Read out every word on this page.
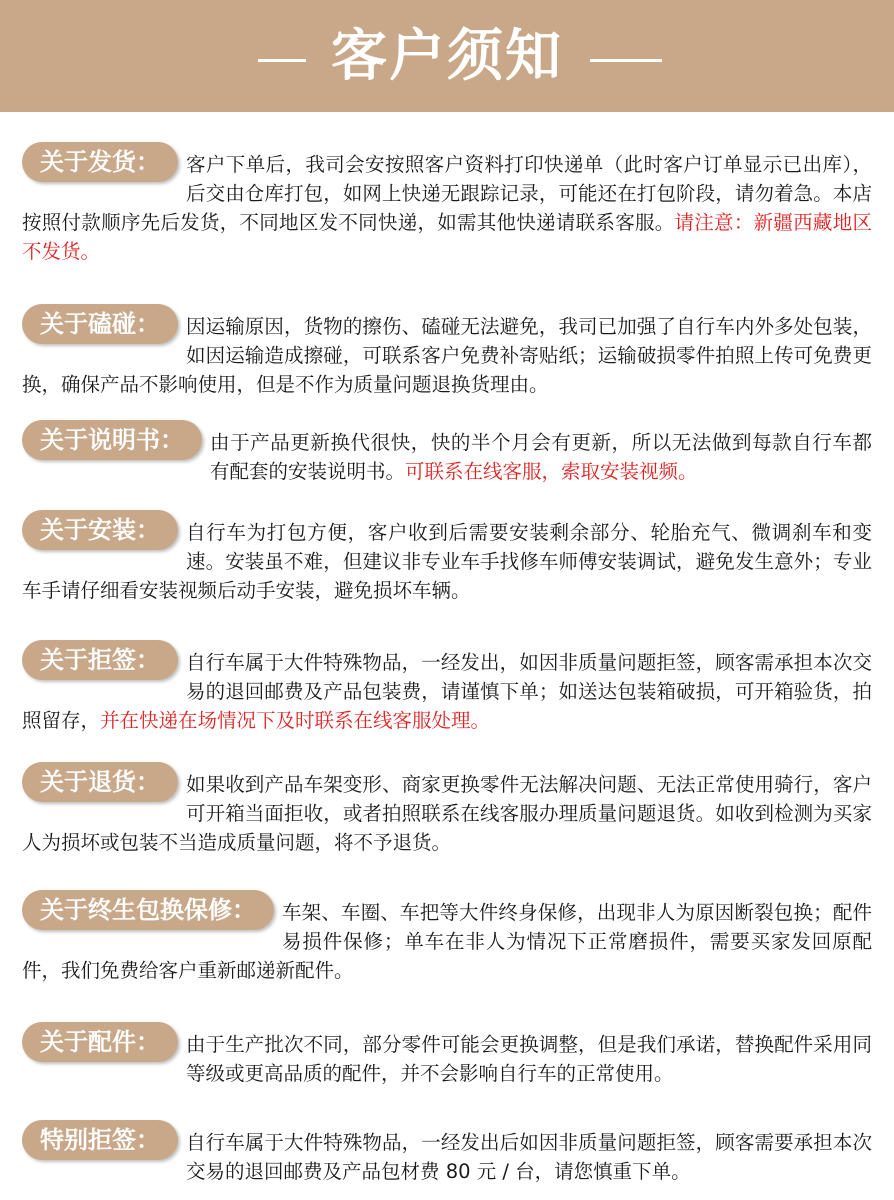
客户须知

关于发货：	客户下单后，我司会安按照客户资料打印快递单（此时客户订单显示已出库），后交由仓库打包，如网上快递无跟踪记录，可能还在打包阶段，请勿着急。本店按照付款顺序先后发货，不同地区发不同快递，如需其他快递请联系客服。请注意：新疆西藏地区不发货。

关于磕碰：	因运输原因，货物的擦伤、磕碰无法避免，我司已加强了自行车内外多处包装，如因运输造成擦碰，可联系客户免费补寄贴纸；运输破损零件拍照上传可免费更换，确保产品不影响使用，但是不作为质量问题退换货理由。

关于说明书：	由于产品更新换代很快，快的半个月会有更新，所以无法做到每款自行车都有配套的安装说明书。可联系在线客服，索取安装视频。

关于安装：	自行车为打包方便，客户收到后需要安装剩余部分、轮胎充气、微调刹车和变速。安装虽不难，但建议非专业车手找修车师傅安装调试，避免发生意外；专业车手请仔细看安装视频后动手安装，避免损坏车辆。

关于拒签：	自行车属于大件特殊物品，一经发出，如因非质量问题拒签，顾客需承担本次交易的退回邮费及产品包装费，请谨慎下单；如送达包装箱破损，可开箱验货，拍照留存，并在快递在场情况下及时联系在线客服处理。

关于退货：	如果收到产品车架变形、商家更换零件无法解决问题、无法正常使用骑行，客户可开箱当面拒收，或者拍照联系在线客服办理质量问题退货。如收到检测为买家人为损坏或包装不当造成质量问题，将不予退货。

关于终生包换保修：	车架、车圈、车把等大件终身保修，出现非人为原因断裂包换；配件易损件保修；单车在非人为情况下正常磨损件，需要买家发回原配件，我们免费给客户重新邮递新配件。

关于配件：	由于生产批次不同，部分零件可能会更换调整，但是我们承诺，替换配件采用同等级或更高品质的配件，并不会影响自行车的正常使用。

特别拒签：	自行车属于大件特殊物品，一经发出后如因非质量问题拒签，顾客需要承担本次交易的退回邮费及产品包材费 80 元 / 台，请您慎重下单。
